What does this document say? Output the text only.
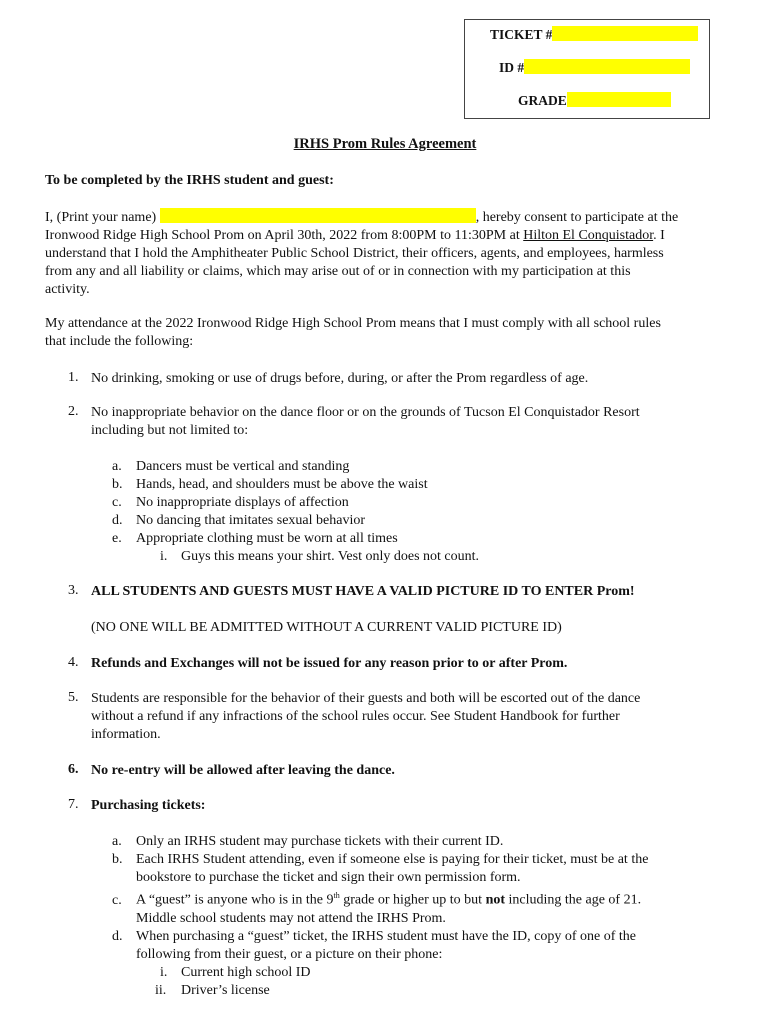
TICKET #
ID #
GRADE
IRHS Prom Rules Agreement
To be completed by the IRHS student and guest:
I, (Print your name)	, hereby consent to participate at the
Ironwood Ridge High School Prom on April 30th, 2022 from 8:00PM to 11:30PM at Hilton El Conquistador. I
understand that I hold the Amphitheater Public School District, their officers, agents, and employees, harmless
from any and all liability or claims, which may arise out of or in connection with my participation at this
activity.
My attendance at the 2022 Ironwood Ridge High School Prom means that I must comply with all school rules
that include the following:
1. No drinking, smoking or use of drugs before, during, or after the Prom regardless of age.
2. No inappropriate behavior on the dance floor or on the grounds of Tucson El Conquistador Resort
including but not limited to:
a. Dancers must be vertical and standing
b. Hands, head, and shoulders must be above the waist
c. No inappropriate displays of affection
d. No dancing that imitates sexual behavior
e. Appropriate clothing must be worn at all times
i. Guys this means your shirt. Vest only does not count.
3. ALL STUDENTS AND GUESTS MUST HAVE A VALID PICTURE ID TO ENTER Prom!
(NO ONE WILL BE ADMITTED WITHOUT A CURRENT VALID PICTURE ID)
4. Refunds and Exchanges will not be issued for any reason prior to or after Prom.
5. Students are responsible for the behavior of their guests and both will be escorted out of the dance
without a refund if any infractions of the school rules occur. See Student Handbook for further
information.
6. No re-entry will be allowed after leaving the dance.
7. Purchasing tickets:
a. Only an IRHS student may purchase tickets with their current ID.
b. Each IRHS Student attending, even if someone else is paying for their ticket, must be at the
bookstore to purchase the ticket and sign their own permission form.
c. A “guest” is anyone who is in the 9th grade or higher up to but not including the age of 21.
Middle school students may not attend the IRHS Prom.
d. When purchasing a “guest” ticket, the IRHS student must have the ID, copy of one of the
following from their guest, or a picture on their phone:
i. Current high school ID
ii. Driver’s license
